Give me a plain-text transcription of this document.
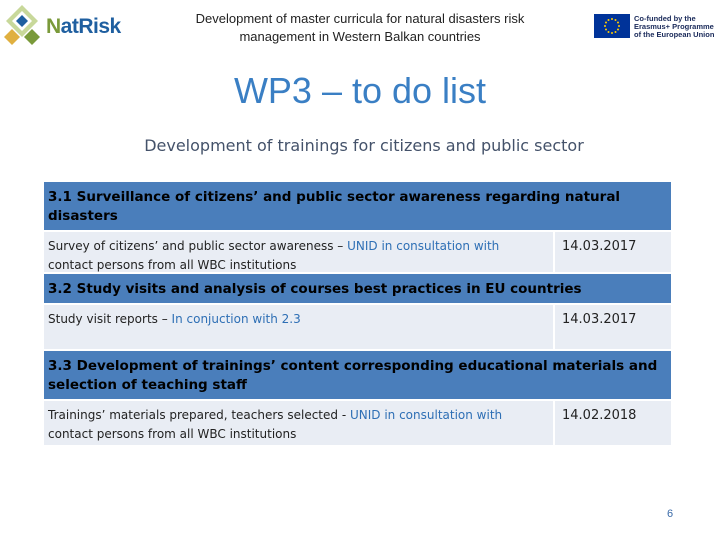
NatRisk	Development of master curricula for natural disasters risk
management in Western Balkan countries
Co-funded by the Erasmus+ Programme of the European Union
WP3 – to do list
Development of trainings for citizens and public sector
3.1 Surveillance of citizens’ and public sector awareness regarding natural disasters
Survey of citizens’ and public sector awareness – UNID in consultation with
contact persons from all WBC institutions
14.03.2017
3.2 Study visits and analysis of courses best practices in EU countries
Study visit reports – In conjuction with 2.3	14.03.2017
3.3 Development of trainings’ content corresponding educational materials and selection of teaching staff
Trainings’ materials prepared, teachers selected - UNID in consultation with
contact persons from all WBC institutions
14.02.2018
6
